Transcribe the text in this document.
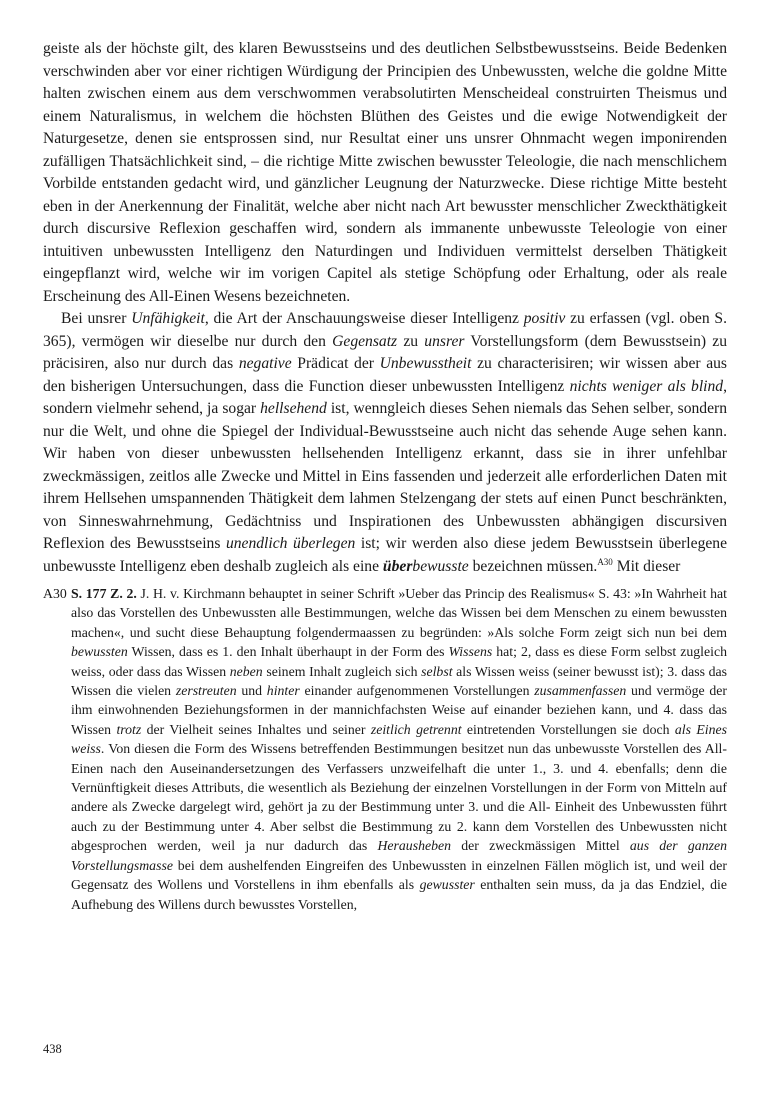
geiste als der höchste gilt, des klaren Bewusstseins und des deutlichen Selbstbewusstseins. Beide Bedenken verschwinden aber vor einer richtigen Würdigung der Principien des Unbewussten, welche die goldne Mitte halten zwischen einem aus dem verschwommen verabsolutirten Menscheideal construirten Theismus und einem Naturalismus, in welchem die höchsten Blüthen des Geistes und die ewige Notwendigkeit der Naturgesetze, denen sie entsprossen sind, nur Resultat einer uns unsrer Ohnmacht wegen imponirenden zufälligen Thatsächlichkeit sind, – die richtige Mitte zwischen bewusster Teleologie, die nach menschlichem Vorbilde entstanden gedacht wird, und gänzlicher Leugnung der Naturzwecke. Diese richtige Mitte besteht eben in der Anerkennung der Finalität, welche aber nicht nach Art bewusster menschlicher Zweckthätigkeit durch discursive Reflexion geschaffen wird, sondern als immanente unbewusste Teleologie von einer intuitiven unbewussten Intelligenz den Naturdingen und Individuen vermittelst derselben Thätigkeit eingepflanzt wird, welche wir im vorigen Capitel als stetige Schöpfung oder Erhaltung, oder als reale Erscheinung des All-Einen Wesens bezeichneten.

Bei unsrer Unfähigkeit, die Art der Anschauungsweise dieser Intelligenz positiv zu erfassen (vgl. oben S. 365), vermögen wir dieselbe nur durch den Gegensatz zu unsrer Vorstellungsform (dem Bewusstsein) zu präcisiren, also nur durch das negative Prädicat der Unbewusstheit zu characterisiren; wir wissen aber aus den bisherigen Untersuchungen, dass die Function dieser unbewussten Intelligenz nichts weniger als blind, sondern vielmehr sehend, ja sogar hellsehend ist, wenngleich dieses Sehen niemals das Sehen selber, sondern nur die Welt, und ohne die Spiegel der Individual-Bewusstseine auch nicht das sehende Auge sehen kann. Wir haben von dieser unbewussten hellsehenden Intelligenz erkannt, dass sie in ihrer unfehlbar zweckmässigen, zeitlos alle Zwecke und Mittel in Eins fassenden und jederzeit alle erforderlichen Daten mit ihrem Hellsehen umspannenden Thätigkeit dem lahmen Stelzengang der stets auf einen Punct beschränkten, von Sinneswahrnehmung, Gedächtniss und Inspirationen des Unbewussten abhängigen discursiven Reflexion des Bewusstseins unendlich überlegen ist; wir werden also diese jedem Bewusstsein überlegene unbewusste Intelligenz eben deshalb zugleich als eine überbewusste bezeichnen müssen.$^{A30}$ Mit dieser

A30 S. 177 Z. 2. J. H. v. Kirchmann behauptet in seiner Schrift »Ueber das Princip des Realismus« S. 43: »In Wahrheit hat also das Vorstellen des Unbewussten alle Bestimmungen, welche das Wissen bei dem Menschen zu einem bewussten machen«, und sucht diese Behauptung folgendermaassen zu begründen: »Als solche Form zeigt sich nun bei dem bewussten Wissen, dass es 1. den Inhalt überhaupt in der Form des Wissens hat; 2, dass es diese Form selbst zugleich weiss, oder dass das Wissen neben seinem Inhalt zugleich sich selbst als Wissen weiss (seiner bewusst ist); 3. dass das Wissen die vielen zerstreuten und hinter einander aufgenommenen Vorstellungen zusammenfassen und vermöge der ihm einwohnenden Beziehungsformen in der mannichfachsten Weise auf einander beziehen kann, und 4. dass das Wissen trotz der Vielheit seines Inhaltes und seiner zeitlich getrennt eintretenden Vorstellungen sie doch als Eines weiss. Von diesen die Form des Wissens betreffenden Bestimmungen besitzet nun das unbewusste Vorstellen des All-Einen nach den Auseinandersetzungen des Verfassers unzweifelhaft die unter 1., 3. und 4. ebenfalls; denn die Vernünftigkeit dieses Attributs, die wesentlich als Beziehung der einzelnen Vorstellungen in der Form von Mitteln auf andere als Zwecke dargelegt wird, gehört ja zu der Bestimmung unter 3. und die All- Einheit des Unbewussten führt auch zu der Bestimmung unter 4. Aber selbst die Bestimmung zu 2. kann dem Vorstellen des Unbewussten nicht abgesprochen werden, weil ja nur dadurch das Herausheben der zweckmässigen Mittel aus der ganzen Vorstellungsmasse bei dem aushelfenden Eingreifen des Unbewussten in einzelnen Fällen möglich ist, und weil der Gegensatz des Wollens und Vorstellens in ihm ebenfalls als gewusster enthalten sein muss, da ja das Endziel, die Aufhebung des Willens durch bewusstes Vorstellen,
438
